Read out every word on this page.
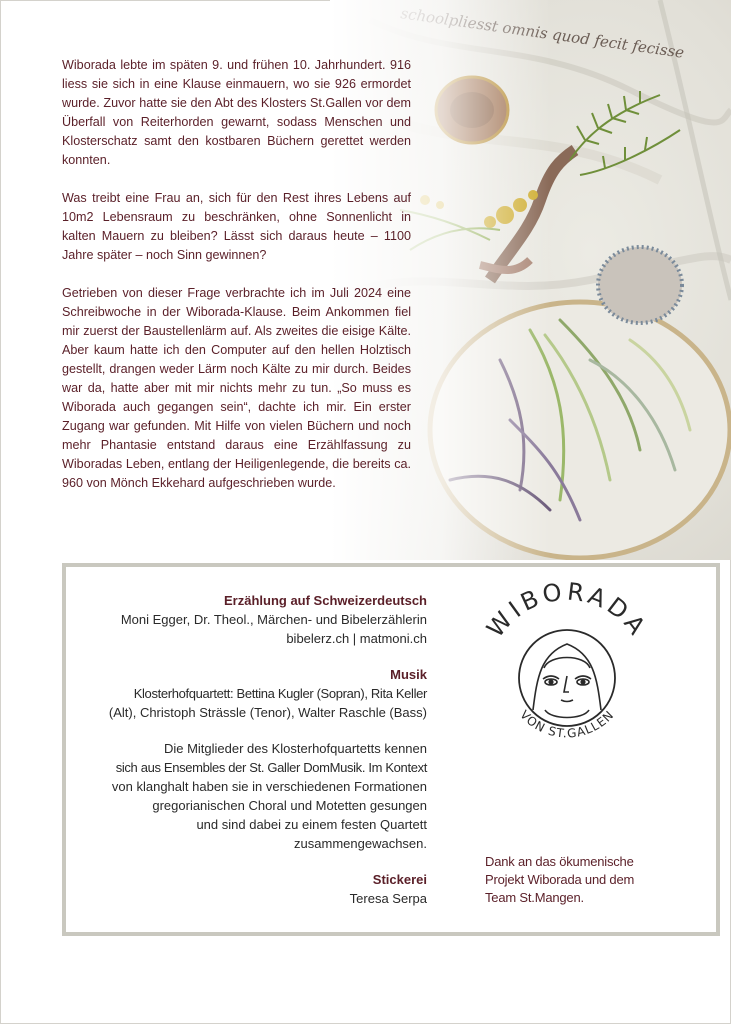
Wiborada lebte im späten 9. und frühen 10. Jahrhundert. 916 liess sie sich in eine Klause einmauern, wo sie 926 ermordet wurde. Zuvor hatte sie den Abt des Klosters St.Gallen vor dem Überfall von Reiterhorden gewarnt, sodass Menschen und Klosterschatz samt den kostbaren Büchern gerettet werden konnten.

Was treibt eine Frau an, sich für den Rest ihres Lebens auf 10m2 Lebensraum zu beschränken, ohne Sonnenlicht in kalten Mauern zu bleiben? Lässt sich daraus heute – 1100 Jahre später – noch Sinn gewinnen?

Getrieben von dieser Frage verbrachte ich im Juli 2024 eine Schreibwoche in der Wiborada-Klause. Beim Ankommen fiel mir zuerst der Baustellenlärm auf. Als zweites die eisige Kälte. Aber kaum hatte ich den Computer auf den hellen Holztisch gestellt, drangen weder Lärm noch Kälte zu mir durch. Beides war da, hatte aber mit mir nichts mehr zu tun. „So muss es Wiborada auch gegangen sein“, dachte ich mir. Ein erster Zugang war gefunden. Mit Hilfe von vielen Büchern und noch mehr Phantasie entstand daraus eine Erzählfassung zu Wiboradas Leben, entlang der Heiligenlegende, die bereits ca. 960 von Mönch Ekkehard aufgeschrieben wurde.

Erzählung auf Schweizerdeutsch
Moni Egger, Dr. Theol., Märchen- und Bibelerzählerin
bibelerz.ch | matmoni.ch
Musik
Klosterhofquartett: Bettina Kugler (Sopran), Rita Keller
(Alt), Christoph Strässle (Tenor), Walter Raschle (Bass)
Die Mitglieder des Klosterhofquartetts kennen
sich aus Ensembles der St. Galler DomMusik. Im Kontext
von klanghalt haben sie in verschiedenen Formationen
gregorianischen Choral und Motetten gesungen
und sind dabei zu einem festen Quartett
zusammengewachsen.
Stickerei
Teresa Serpa
WIBORADA
VON ST.GALLEN
Dank an das ökumenische
Projekt Wiborada und dem
Team St.Mangen.
